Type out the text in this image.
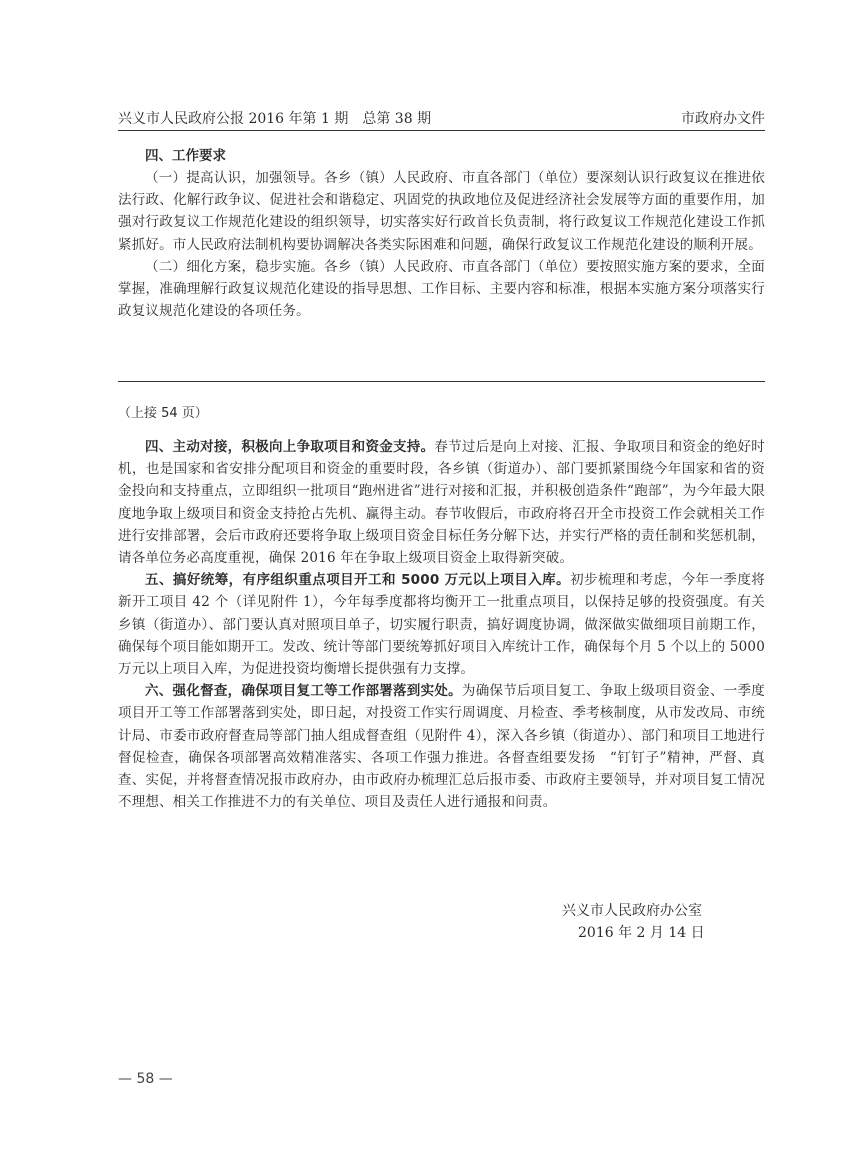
兴义市人民政府公报 2016 年第 1 期　总第 38 期	市政府办文件
四、工作要求

（一）提高认识，加强领导。各乡（镇）人民政府、市直各部门（单位）要深刻认识行政复议在推进依法行政、化解行政争议、促进社会和谐稳定、巩固党的执政地位及促进经济社会发展等方面的重要作用，加强对行政复议工作规范化建设的组织领导，切实落实好行政首长负责制，将行政复议工作规范化建设工作抓紧抓好。市人民政府法制机构要协调解决各类实际困难和问题，确保行政复议工作规范化建设的顺利开展。

（二）细化方案，稳步实施。各乡（镇）人民政府、市直各部门（单位）要按照实施方案的要求，全面掌握，准确理解行政复议规范化建设的指导思想、工作目标、主要内容和标准，根据本实施方案分项落实行政复议规范化建设的各项任务。

（上接 54 页）

四、主动对接，积极向上争取项目和资金支持。春节过后是向上对接、汇报、争取项目和资金的绝好时机，也是国家和省安排分配项目和资金的重要时段，各乡镇（街道办）、部门要抓紧围绕今年国家和省的资金投向和支持重点，立即组织一批项目“跑州进省”进行对接和汇报，并积极创造条件“跑部”，为今年最大限度地争取上级项目和资金支持抢占先机、赢得主动。春节收假后，市政府将召开全市投资工作会就相关工作进行安排部署，会后市政府还要将争取上级项目资金目标任务分解下达，并实行严格的责任制和奖惩机制，请各单位务必高度重视，确保 2016 年在争取上级项目资金上取得新突破。

五、搞好统筹，有序组织重点项目开工和 5000 万元以上项目入库。初步梳理和考虑，今年一季度将新开工项目 42 个（详见附件 1），今年每季度都将均衡开工一批重点项目，以保持足够的投资强度。有关乡镇（街道办）、部门要认真对照项目单子，切实履行职责，搞好调度协调，做深做实做细项目前期工作，确保每个项目能如期开工。发改、统计等部门要统筹抓好项目入库统计工作，确保每个月 5 个以上的 5000 万元以上项目入库，为促进投资均衡增长提供强有力支撑。

六、强化督查，确保项目复工等工作部署落到实处。为确保节后项目复工、争取上级项目资金、一季度项目开工等工作部署落到实处，即日起，对投资工作实行周调度、月检查、季考核制度，从市发改局、市统计局、市委市政府督查局等部门抽人组成督查组（见附件 4），深入各乡镇（街道办）、部门和项目工地进行督促检查，确保各项部署高效精准落实、各项工作强力推进。各督查组要发扬　“钉钉子”精神，严督、真查、实促，并将督查情况报市政府办，由市政府办梳理汇总后报市委、市政府主要领导，并对项目复工情况不理想、相关工作推进不力的有关单位、项目及责任人进行通报和问责。

兴义市人民政府办公室
2016 年 2 月 14 日
— 58 —
